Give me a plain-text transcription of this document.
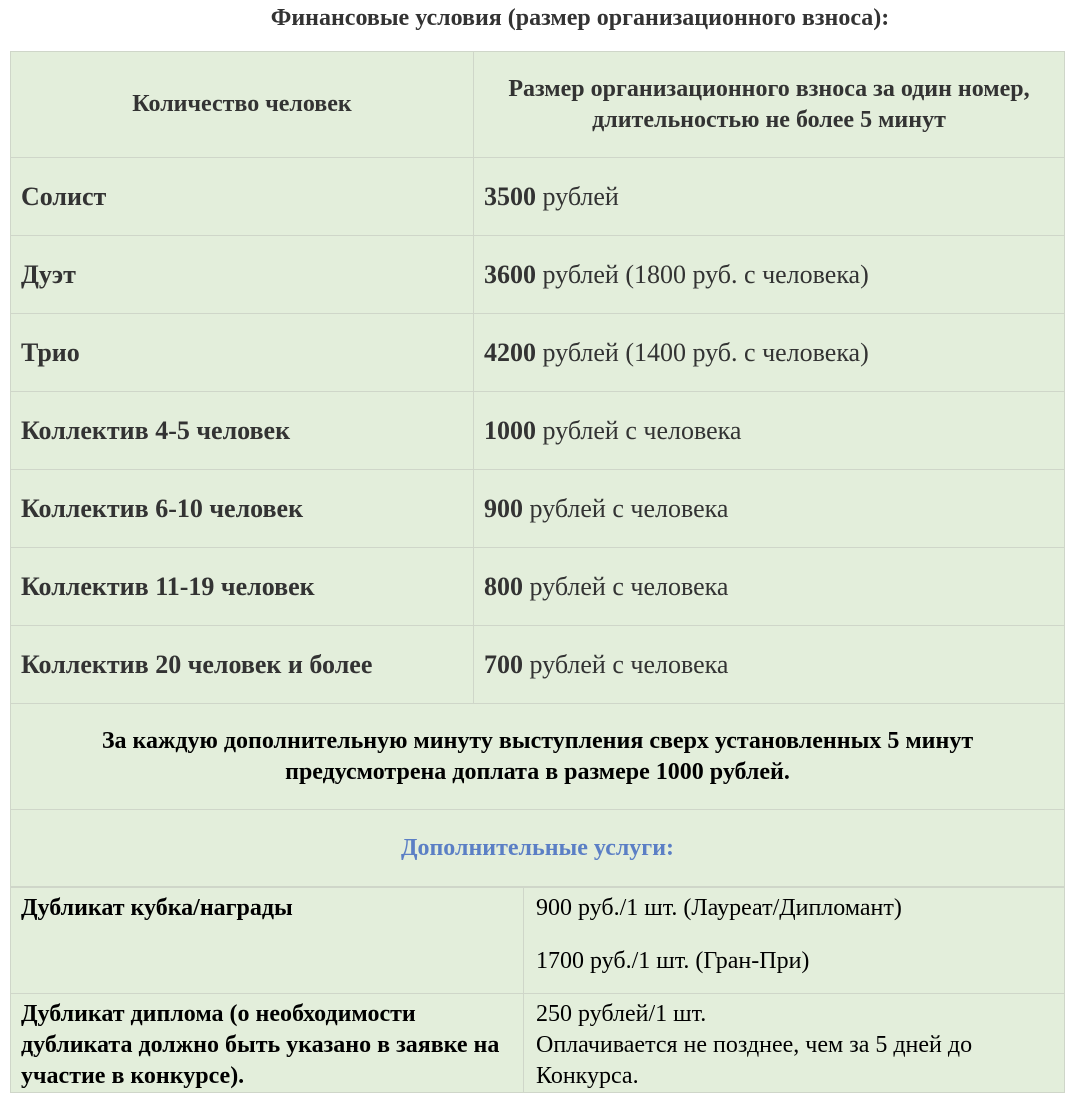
Финансовые условия (размер организационного взноса):
Количество человек	Размер организационного взноса за один номер, длительностью не более 5 минут
Солист	3500 рублей
Дуэт	3600 рублей (1800 руб. с человека)
Трио	4200 рублей (1400 руб. с человека)
Коллектив 4-5 человек	1000 рублей с человека
Коллектив 6-10 человек	900 рублей с человека
Коллектив 11-19 человек	800 рублей с человека
Коллектив 20 человек и более	700 рублей с человека
За каждую дополнительную минуту выступления сверх установленных 5 минут предусмотрена доплата в размере 1000 рублей.	
Дополнительные услуги:	
Дубликат кубка/награды	900 руб./1 шт. (Лауреат/Дипломант)
1700 руб./1 шт. (Гран-При)

Дубликат диплома (о необходимости дубликата должно быть указано в заявке на участие в конкурсе).	250 рублей/1 шт.
Оплачивается не позднее, чем за 5 дней до Конкурса.
